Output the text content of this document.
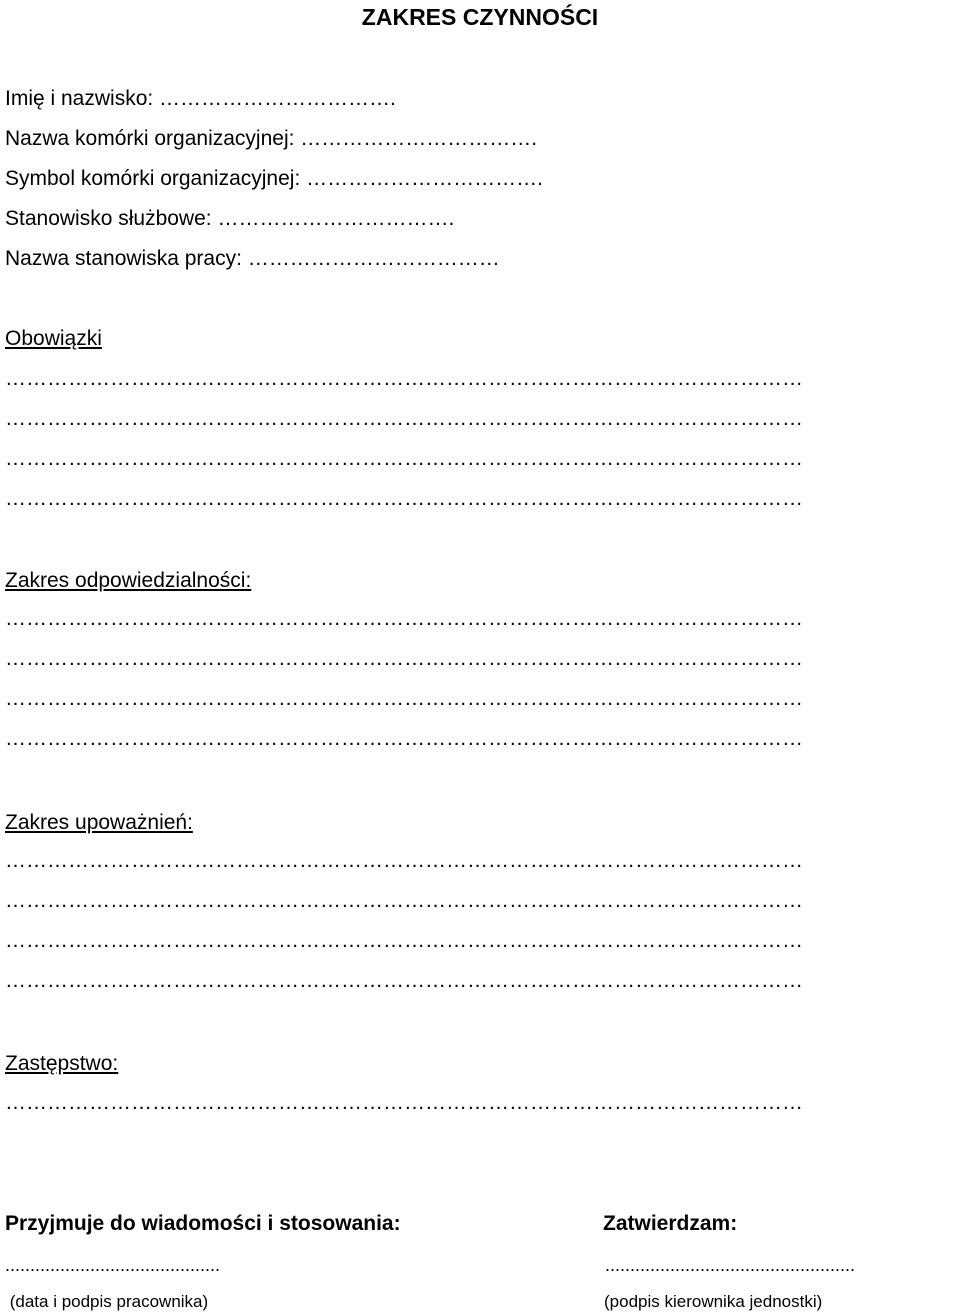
ZAKRES CZYNNOŚCI
Imię i nazwisko: …………………………….
Nazwa komórki organizacyjnej: …………………………….
Symbol komórki organizacyjnej: …………………………….
Stanowisko służbowe: …………………………….
Nazwa stanowiska pracy: ………………………………
Obowiązki
……………………………………………………………………………………………………
……………………………………………………………………………………………………
……………………………………………………………………………………………………
……………………………………………………………………………………………………
Zakres odpowiedzialności:
……………………………………………………………………………………………………
……………………………………………………………………………………………………
……………………………………………………………………………………………………
……………………………………………………………………………………………………
Zakres upoważnień:
……………………………………………………………………………………………………
……………………………………………………………………………………………………
……………………………………………………………………………………………………
……………………………………………………………………………………………………
Zastępstwo:
……………………………………………………………………………………………………
Przyjmuje do wiadomości i stosowania:	Zatwierdzam:
...........................................	..................................................
(data i podpis pracownika)	(podpis kierownika jednostki)
